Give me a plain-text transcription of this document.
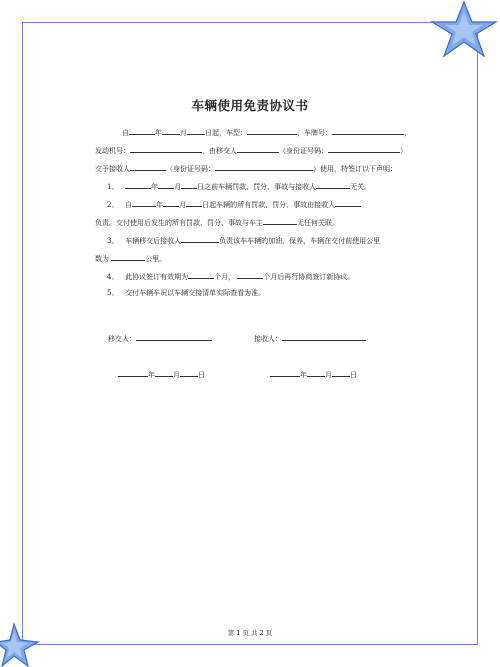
车辆使用免责协议书
自	年	月	日起，车型：	，车牌号：	，
发动机号：	，由移交人	（身份证号码：	）
交予接收人	（身份证号码：	）使用，特签订以下声明：
1、	年 月 日之前车辆罚款、罚分、事故与接收人	无关。
2、 自	年 月 日起车辆的所有罚款、罚分、事故由接收人
负责。交付使用后发生的所有罚款、罚分、事故与车主	无任何关联。
3、 车辆移交后接收人	负责该车车辆的加油、保养，车辆在交付前使用公里
数为	公里。
4、 此协议签订有效期为	个月，	个月后再行协商签订新协议。
5、 交付车辆车况以车辆交接清单实际查看为准。
移交人：	接收人：
年	月	日	年	月	日
第 1 页 共 2 页
